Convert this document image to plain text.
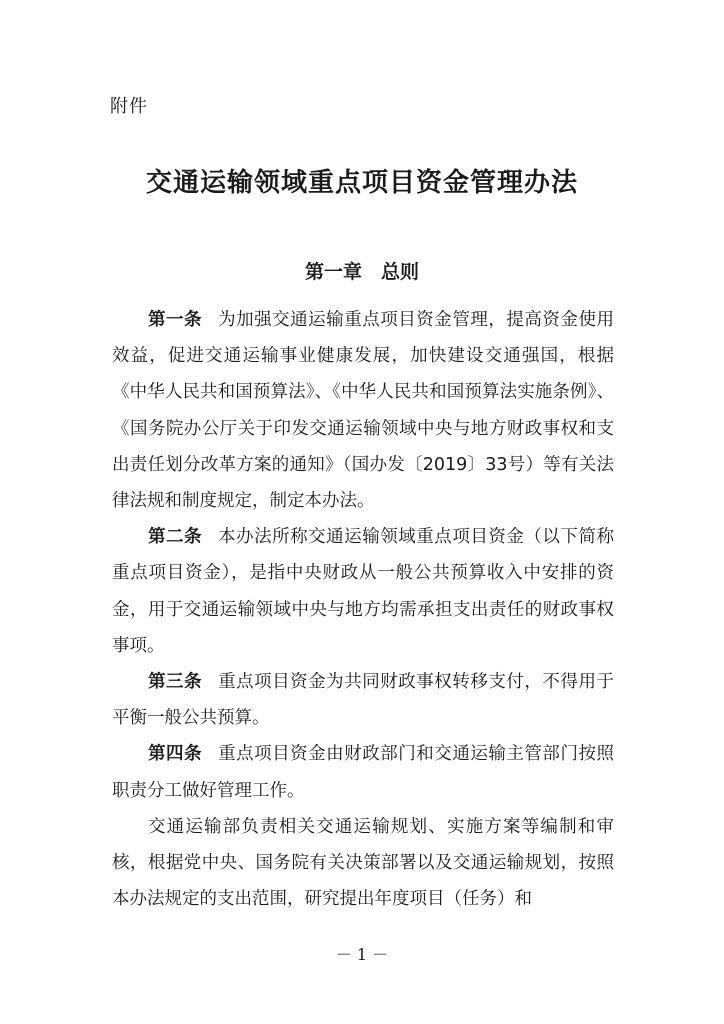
附件
交通运输领域重点项目资金管理办法
第一章　总则

第一条 为加强交通运输重点项目资金管理，提高资金使用效益，促进交通运输事业健康发展，加快建设交通强国，根据《中华人民共和国预算法》、《中华人民共和国预算法实施条例》、《国务院办公厅关于印发交通运输领域中央与地方财政事权和支出责任划分改革方案的通知》（国办发〔2019〕33号）等有关法律法规和制度规定，制定本办法。

第二条 本办法所称交通运输领域重点项目资金（以下简称重点项目资金），是指中央财政从一般公共预算收入中安排的资金，用于交通运输领域中央与地方均需承担支出责任的财政事权事项。

第三条 重点项目资金为共同财政事权转移支付，不得用于平衡一般公共预算。

第四条 重点项目资金由财政部门和交通运输主管部门按照职责分工做好管理工作。

交通运输部负责相关交通运输规划、实施方案等编制和审核，根据党中央、国务院有关决策部署以及交通运输规划，按照本办法规定的支出范围，研究提出年度项目（任务）和

－ 1 －
